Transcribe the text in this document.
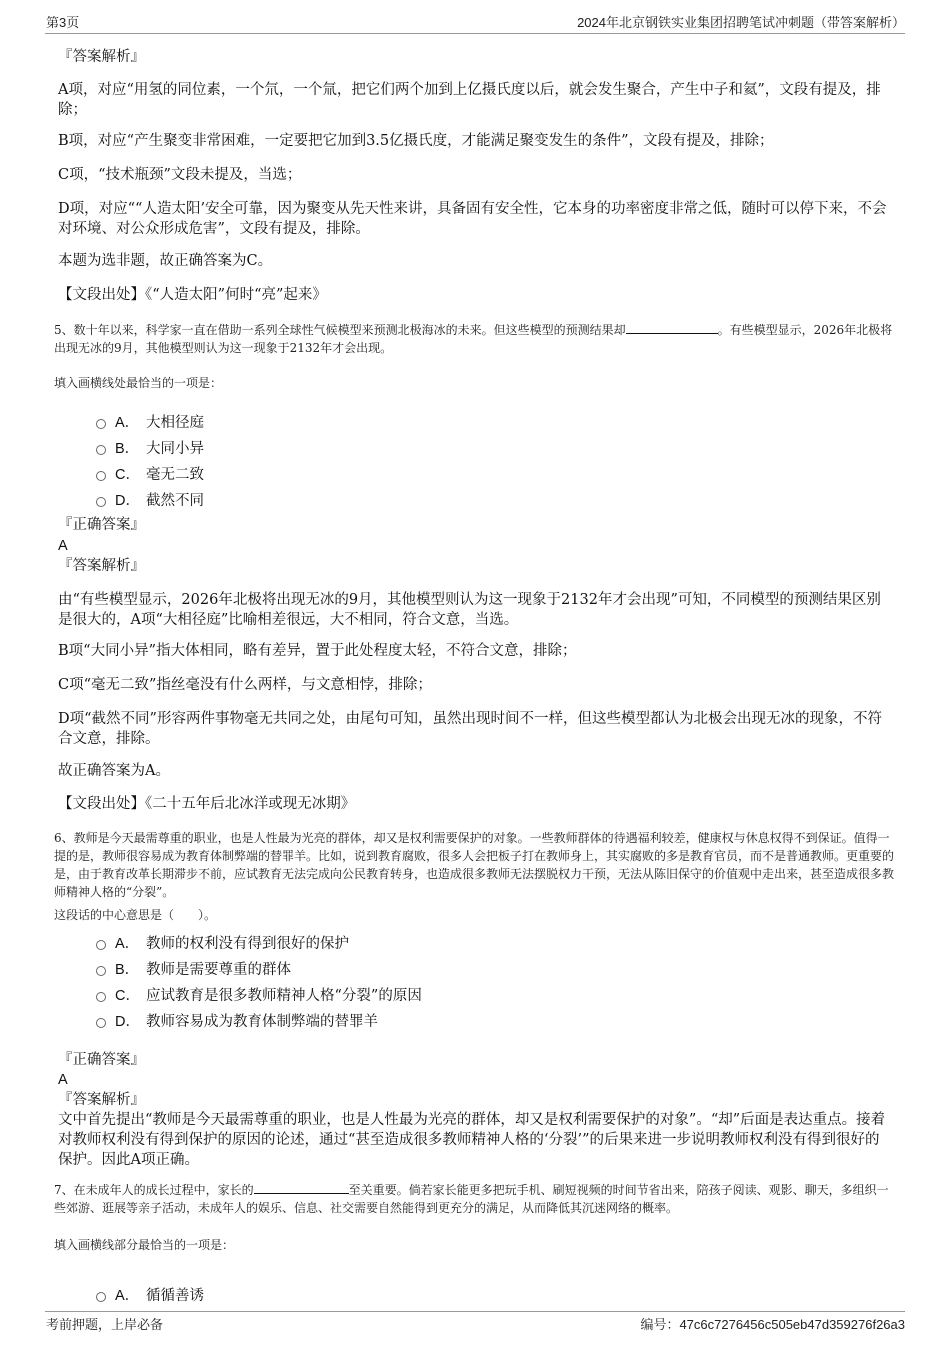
第3页	2024年北京钢铁实业集团招聘笔试冲刺题（带答案解析）
『答案解析』
A项，对应“用氢的同位素，一个氘，一个氚，把它们两个加到上亿摄氏度以后，就会发生聚合，产生中子和氦”，文段有提及，排除；
B项，对应“产生聚变非常困难，一定要把它加到3.5亿摄氏度，才能满足聚变发生的条件”，文段有提及，排除；
C项，“技术瓶颈”文段未提及，当选；
D项，对应““人造太阳’安全可靠，因为聚变从先天性来讲，具备固有安全性，它本身的功率密度非常之低，随时可以停下来，不会对环境、对公众形成危害”，文段有提及，排除。
本题为选非题，故正确答案为C。
【文段出处】《“人造太阳”何时“亮”起来》
5、数十年以来，科学家一直在借助一系列全球性气候模型来预测北极海冰的未来。但这些模型的预测结果却	。有些模型显示，2026年北极将出现无冰的9月，其他模型则认为这一现象于2132年才会出现。
填入画横线处最恰当的一项是：
A． 大相径庭
B． 大同小异
C． 毫无二致
D． 截然不同
『正确答案』
A
『答案解析』
由“有些模型显示，2026年北极将出现无冰的9月，其他模型则认为这一现象于2132年才会出现”可知，不同模型的预测结果区别是很大的，A项“大相径庭”比喻相差很远，大不相同，符合文意，当选。
B项“大同小异”指大体相同，略有差异，置于此处程度太轻，不符合文意，排除；
C项“毫无二致”指丝毫没有什么两样，与文意相悖，排除；
D项“截然不同”形容两件事物毫无共同之处，由尾句可知，虽然出现时间不一样，但这些模型都认为北极会出现无冰的现象，不符合文意，排除。
故正确答案为A。
【文段出处】《二十五年后北冰洋或现无冰期》
6、教师是今天最需尊重的职业，也是人性最为光亮的群体，却又是权利需要保护的对象。一些教师群体的待遇福利较差，健康权与休息权得不到保证。值得一提的是，教师很容易成为教育体制弊端的替罪羊。比如，说到教育腐败，很多人会把板子打在教师身上，其实腐败的多是教育官员，而不是普通教师。更重要的是，由于教育改革长期滞步不前，应试教育无法完成向公民教育转身，也造成很多教师无法摆脱权力干预，无法从陈旧保守的价值观中走出来，甚至造成很多教师精神人格的“分裂”。
这段话的中心意思是（　　）。
A． 教师的权利没有得到很好的保护
B． 教师是需要尊重的群体
C． 应试教育是很多教师精神人格“分裂”的原因
D． 教师容易成为教育体制弊端的替罪羊
『正确答案』
A
『答案解析』
文中首先提出“教师是今天最需尊重的职业，也是人性最为光亮的群体，却又是权利需要保护的对象”。“却”后面是表达重点。接着对教师权利没有得到保护的原因的论述，通过“甚至造成很多教师精神人格的‘分裂’”的后果来进一步说明教师权利没有得到很好的保护。因此A项正确。
7、在未成年人的成长过程中，家长的	至关重要。倘若家长能更多把玩手机、刷短视频的时间节省出来，陪孩子阅读、观影、聊天，多组织一些郊游、逛展等亲子活动，未成年人的娱乐、信息、社交需要自然能得到更充分的满足，从而降低其沉迷网络的概率。
填入画横线部分最恰当的一项是：
A． 循循善诱
考前押题，上岸必备	编号：47c6c7276456c505eb47d359276f26a3
